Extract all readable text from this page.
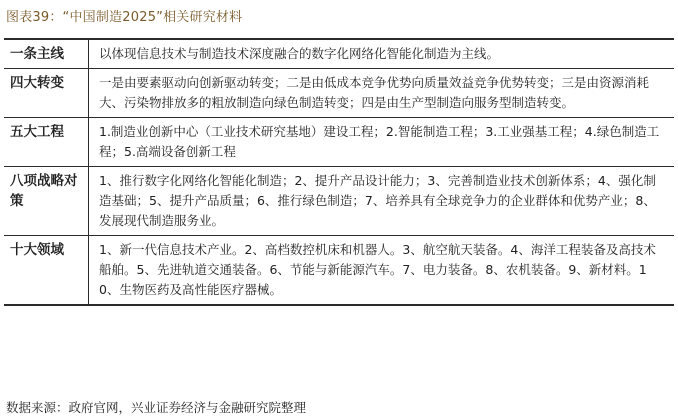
图表39：“中国制造2025”相关研究材料
一条主线	以体现信息技术与制造技术深度融合的数字化网络化智能化制造为主线。
四大转变	一是由要素驱动向创新驱动转变；二是由低成本竞争优势向质量效益竞争优势转变；三是由资源消耗大、污染物排放多的粗放制造向绿色制造转变；四是由生产型制造向服务型制造转变。
五大工程	1.制造业创新中心（工业技术研究基地）建设工程；2.智能制造工程；3.工业强基工程；4.绿色制造工程；5.高端设备创新工程
八项战略对策	1、推行数字化网络化智能化制造；2、提升产品设计能力；3、完善制造业技术创新体系；4、强化制造基础；5、提升产品质量；6、推行绿色制造；7、培养具有全球竞争力的企业群体和优势产业；8、发展现代制造服务业。
十大领域	1、新一代信息技术产业。2、高档数控机床和机器人。3、航空航天装备。4、海洋工程装备及高技术船舶。5、先进轨道交通装备。6、节能与新能源汽车。7、电力装备。8、农机装备。9、新材料。10、生物医药及高性能医疗器械。
数据来源：政府官网，兴业证券经济与金融研究院整理
